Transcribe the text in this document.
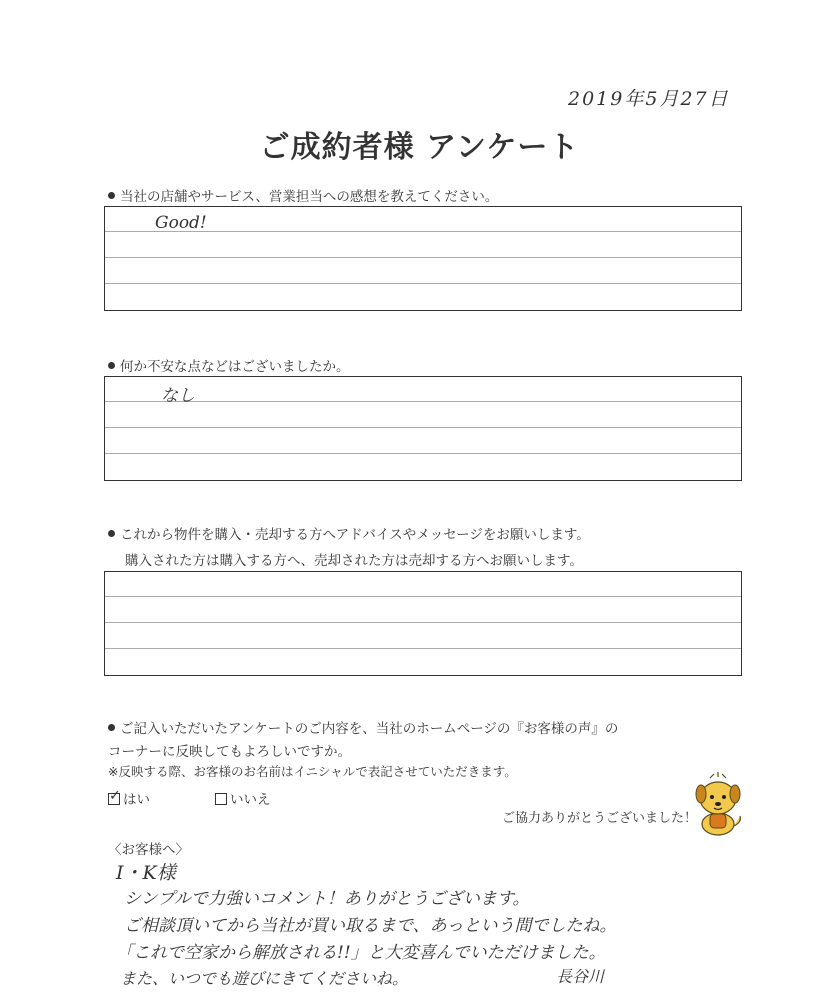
2019年5月27日
ご成約者様 アンケート
当社の店舗やサービス、営業担当への感想を教えてください。
Good!
何か不安な点などはございましたか。
なし
これから物件を購入・売却する方へアドバイスやメッセージをお願いします。
購入された方は購入する方へ、売却された方は売却する方へお願いします。
ご記入いただいたアンケートのご内容を、当社のホームページの『お客様の声』の
コーナーに反映してもよろしいですか。
※反映する際、お客様のお名前はイニシャルで表記させていただきます。
✓はい	いいえ
ご協力ありがとうございました！
〈お客様へ〉
I・K様
シンプルで力強いコメント！ありがとうございます。
ご相談頂いてから当社が買い取るまで、あっという間でしたね。
「これで空家から解放される!!」と大変喜んでいただけました。
また、いつでも遊びにきてくださいね。	長谷川
